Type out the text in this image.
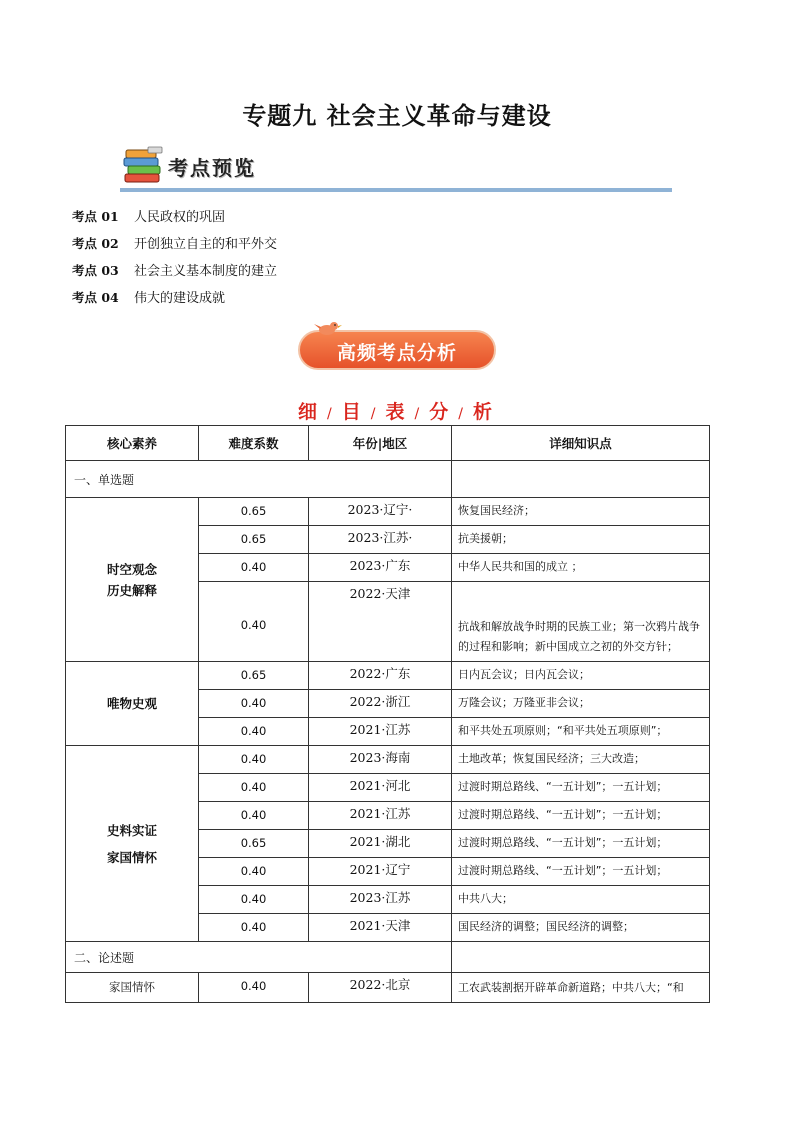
专题九 社会主义革命与建设
考点预览
考点 01	人民政权的巩固
考点 02	开创独立自主的和平外交
考点 03	社会主义基本制度的建立
考点 04	伟大的建设成就
高频考点分析
细 / 目 / 表 / 分 / 析
核心素养	难度系数	年份|地区	详细知识点
一、单选题			

时空观念
历史解释	0.65	2023·辽宁·	恢复国民经济；
	0.65	2023·江苏·	抗美援朝；
	0.40	2023·广东	中华人民共和国的成立 ；
	0.40	2022·天津	抗战和解放战争时期的民族工业；第一次鸦片战争的过程和影响；新中国成立之初的外交方针；

唯物史观	0.65	2022·广东	日内瓦会议；日内瓦会议；
	0.40	2022·浙江	万隆会议；万隆亚非会议；
	0.40	2021·江苏	和平共处五项原则；“和平共处五项原则”；

史料实证
家国情怀	0.40	2023·海南	土地改革；恢复国民经济；三大改造；
	0.40	2021·河北	过渡时期总路线、“一五计划”；一五计划；
	0.40	2021·江苏	过渡时期总路线、“一五计划”；一五计划；
	0.65	2021·湖北	过渡时期总路线、“一五计划”；一五计划；
	0.40	2021·辽宁	过渡时期总路线、“一五计划”；一五计划；
	0.40	2023·江苏	中共八大；
	0.40	2021·天津	国民经济的调整；国民经济的调整；
二、论述题			
家国情怀	0.40	2022·北京	工农武装割据开辟革命新道路；中共八大；“和
